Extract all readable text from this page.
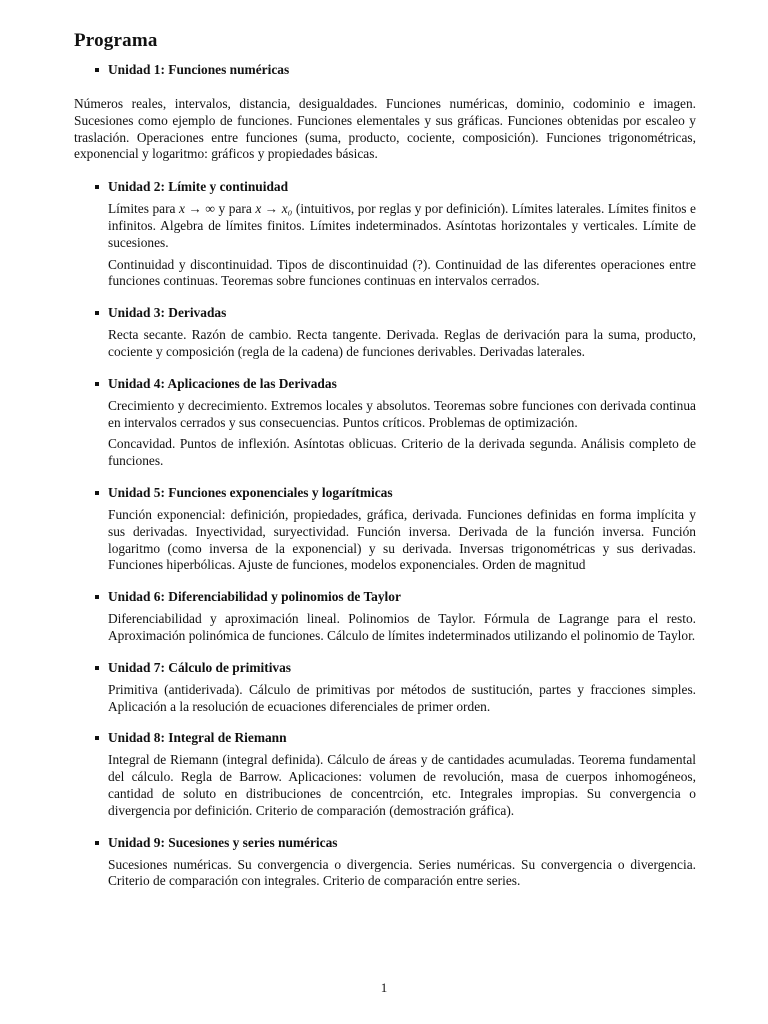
Programa
Unidad 1: Funciones numéricas

Números reales, intervalos, distancia, desigualdades. Funciones numéricas, dominio, codominio e imagen. Sucesiones como ejemplo de funciones. Funciones elementales y sus gráficas. Funciones obtenidas por escaleo y traslación. Operaciones entre funciones (suma, producto, cociente, composición). Funciones trigonométricas, exponencial y logaritmo: gráficos y propiedades básicas.

Unidad 2: Límite y continuidad

Límites para x → ∞ y para x → x₀ (intuitivos, por reglas y por definición). Límites laterales. Límites finitos e infinitos. Algebra de límites finitos. Límites indeterminados. Asíntotas horizontales y verticales. Límite de sucesiones.

Continuidad y discontinuidad. Tipos de discontinuidad (?). Continuidad de las diferentes operaciones entre funciones continuas. Teoremas sobre funciones continuas en intervalos cerrados.

Unidad 3: Derivadas

Recta secante. Razón de cambio. Recta tangente. Derivada. Reglas de derivación para la suma, producto, cociente y composición (regla de la cadena) de funciones derivables. Derivadas laterales.

Unidad 4: Aplicaciones de las Derivadas

Crecimiento y decrecimiento. Extremos locales y absolutos. Teoremas sobre funciones con derivada continua en intervalos cerrados y sus consecuencias. Puntos críticos. Problemas de optimización.

Concavidad. Puntos de inflexión. Asíntotas oblicuas. Criterio de la derivada segunda. Análisis completo de funciones.

Unidad 5: Funciones exponenciales y logarítmicas

Función exponencial: definición, propiedades, gráfica, derivada. Funciones definidas en forma implícita y sus derivadas. Inyectividad, suryectividad. Función inversa. Derivada de la función inversa. Función logaritmo (como inversa de la exponencial) y su derivada. Inversas trigonométricas y sus derivadas. Funciones hiperbólicas. Ajuste de funciones, modelos exponenciales. Orden de magnitud

Unidad 6: Diferenciabilidad y polinomios de Taylor

Diferenciabilidad y aproximación lineal. Polinomios de Taylor. Fórmula de Lagrange para el resto. Aproximación polinómica de funciones. Cálculo de límites indeterminados utilizando el polinomio de Taylor.

Unidad 7: Cálculo de primitivas

Primitiva (antiderivada). Cálculo de primitivas por métodos de sustitución, partes y fracciones simples. Aplicación a la resolución de ecuaciones diferenciales de primer orden.

Unidad 8: Integral de Riemann

Integral de Riemann (integral definida). Cálculo de áreas y de cantidades acumuladas. Teorema fundamental del cálculo. Regla de Barrow. Aplicaciones: volumen de revolución, masa de cuerpos inhomogéneos, cantidad de soluto en distribuciones de concentrción, etc. Integrales impropias. Su convergencia o divergencia por definición. Criterio de comparación (demostración gráfica).

Unidad 9: Sucesiones y series numéricas

Sucesiones numéricas. Su convergencia o divergencia. Series numéricas. Su convergencia o divergencia. Criterio de comparación con integrales. Criterio de comparación entre series.

1
